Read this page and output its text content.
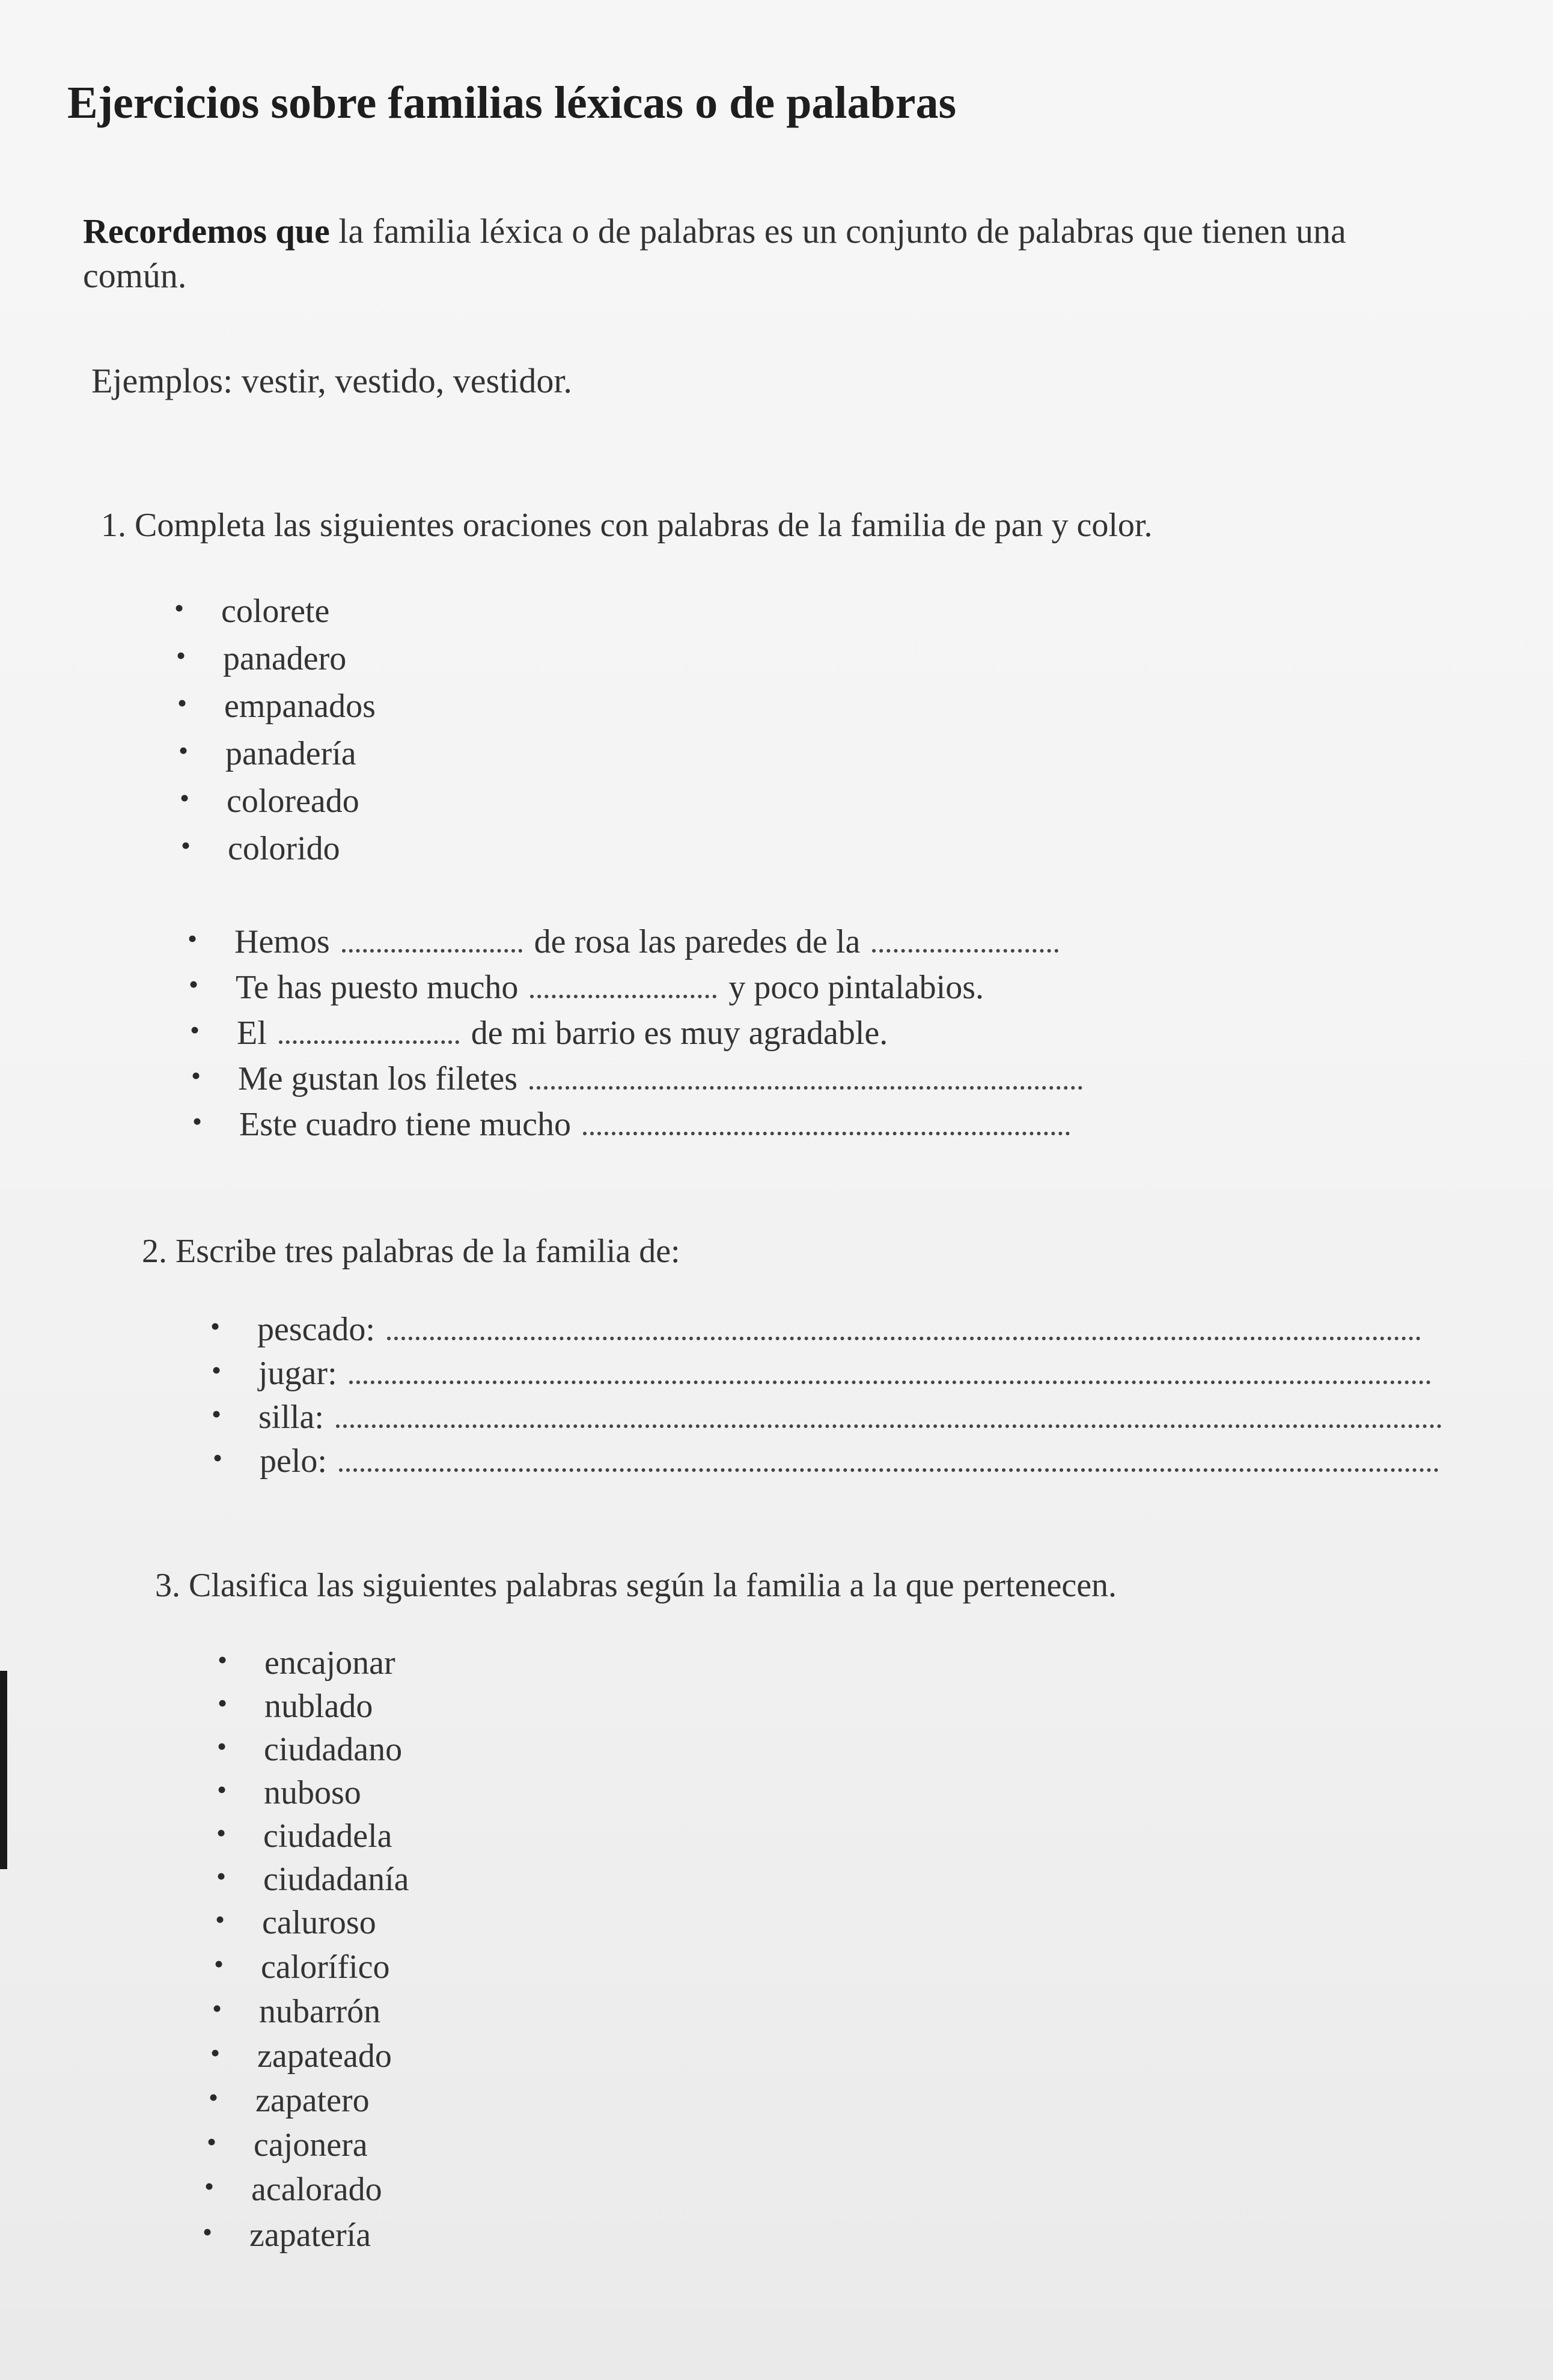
Ejercicios sobre familias léxicas o de palabras
Recordemos que la familia léxica o de palabras es un conjunto de palabras que tienen una
común.
Ejemplos: vestir, vestido, vestidor.
1. Completa las siguientes oraciones con palabras de la familia de pan y color.
• colorete
• panadero
• empanados
• panadería
• coloreado
• colorido
• Hemos	de rosa las paredes de la
• Te has puesto mucho	y poco pintalabios.
• El	de mi barrio es muy agradable.
• Me gustan los filetes
• Este cuadro tiene mucho
2. Escribe tres palabras de la familia de:
• pescado:
• jugar:
• silla:
• pelo:
3. Clasifica las siguientes palabras según la familia a la que pertenecen.
• encajonar
• nublado
• ciudadano
• nuboso
• ciudadela
• ciudadanía
• caluroso
• calorífico
• nubarrón
• zapateado
• zapatero
• cajonera
• acalorado
• zapatería
